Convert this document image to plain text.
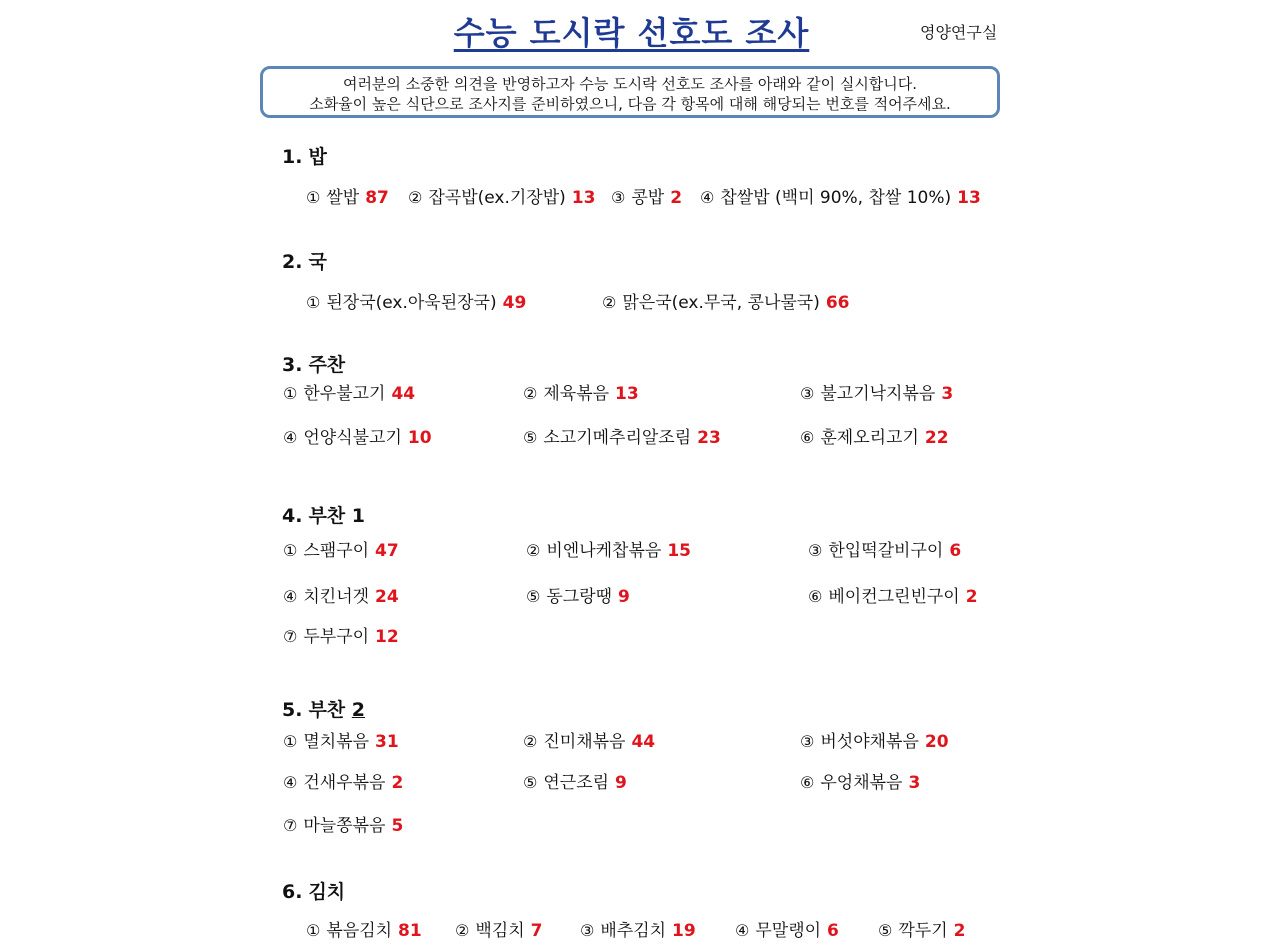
수능 도시락 선호도 조사	영양연구실
여러분의 소중한 의견을 반영하고자 수능 도시락 선호도 조사를 아래와 같이 실시합니다.
소화율이 높은 식단으로 조사지를 준비하였으니, 다음 각 항목에 대해 해당되는 번호를 적어주세요.
1. 밥
① 쌀밥 87 ② 잡곡밥(ex.기장밥) 13 ③ 콩밥 2 ④ 찹쌀밥 (백미 90%, 찹쌀 10%) 13
2. 국
① 된장국(ex.아욱된장국) 49	② 맑은국(ex.무국, 콩나물국) 66
3. 주찬
① 한우불고기 44	② 제육볶음 13	③ 불고기낙지볶음 3
④ 언양식불고기 10	⑤ 소고기메추리알조림 23	⑥ 훈제오리고기 22
4. 부찬 1
① 스팸구이 47	② 비엔나케찹볶음 15	③ 한입떡갈비구이 6
④ 치킨너겟 24	⑤ 동그랑땡 9	⑥ 베이컨그린빈구이 2
⑦ 두부구이 12
5. 부찬 2
① 멸치볶음 31	② 진미채볶음 44	③ 버섯야채볶음 20
④ 건새우볶음 2	⑤ 연근조림 9	⑥ 우엉채볶음 3
⑦ 마늘쫑볶음 5
6. 김치
① 볶음김치 81 ② 백김치 7 ③ 배추김치 19 ④ 무말랭이 6 ⑤ 깍두기 2
